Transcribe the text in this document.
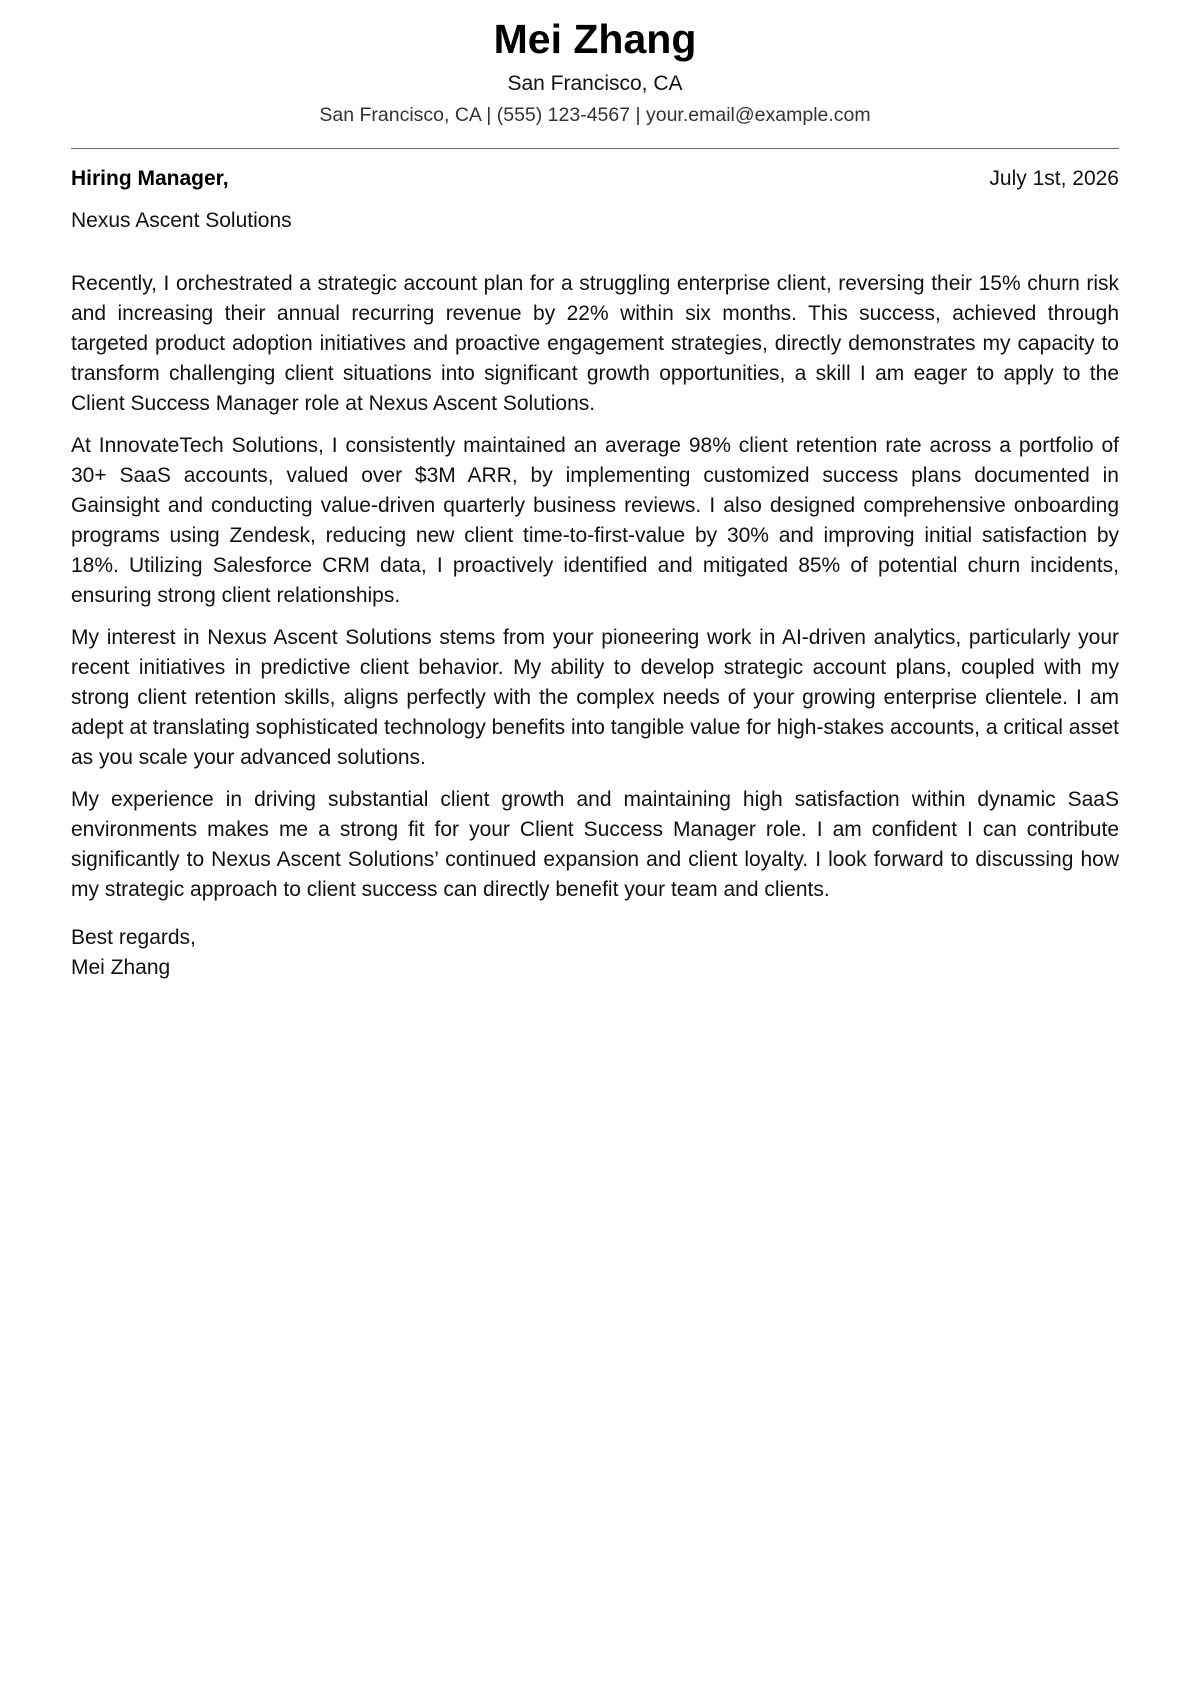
Mei Zhang
San Francisco, CA
San Francisco, CA | (555) 123-4567 | your.email@example.com
Hiring Manager,	July 1st, 2026
Nexus Ascent Solutions

Recently, I orchestrated a strategic account plan for a struggling enterprise client, reversing their 15% churn risk and increasing their annual recurring revenue by 22% within six months. This success, achieved through targeted product adoption initiatives and proactive engagement strategies, directly demonstrates my capacity to transform challenging client situations into significant growth opportunities, a skill I am eager to apply to the Client Success Manager role at Nexus Ascent Solutions.

At InnovateTech Solutions, I consistently maintained an average 98% client retention rate across a portfolio of 30+ SaaS accounts, valued over $3M ARR, by implementing customized success plans documented in Gainsight and conducting value-driven quarterly business reviews. I also designed comprehensive onboarding programs using Zendesk, reducing new client time-to-first-value by 30% and improving initial satisfaction by 18%. Utilizing Salesforce CRM data, I proactively identified and mitigated 85% of potential churn incidents, ensuring strong client relationships.

My interest in Nexus Ascent Solutions stems from your pioneering work in AI-driven analytics, particularly your recent initiatives in predictive client behavior. My ability to develop strategic account plans, coupled with my strong client retention skills, aligns perfectly with the complex needs of your growing enterprise clientele. I am adept at translating sophisticated technology benefits into tangible value for high-stakes accounts, a critical asset as you scale your advanced solutions.

My experience in driving substantial client growth and maintaining high satisfaction within dynamic SaaS environments makes me a strong fit for your Client Success Manager role. I am confident I can contribute significantly to Nexus Ascent Solutions’ continued expansion and client loyalty. I look forward to discussing how my strategic approach to client success can directly benefit your team and clients.

Best regards,
Mei Zhang
